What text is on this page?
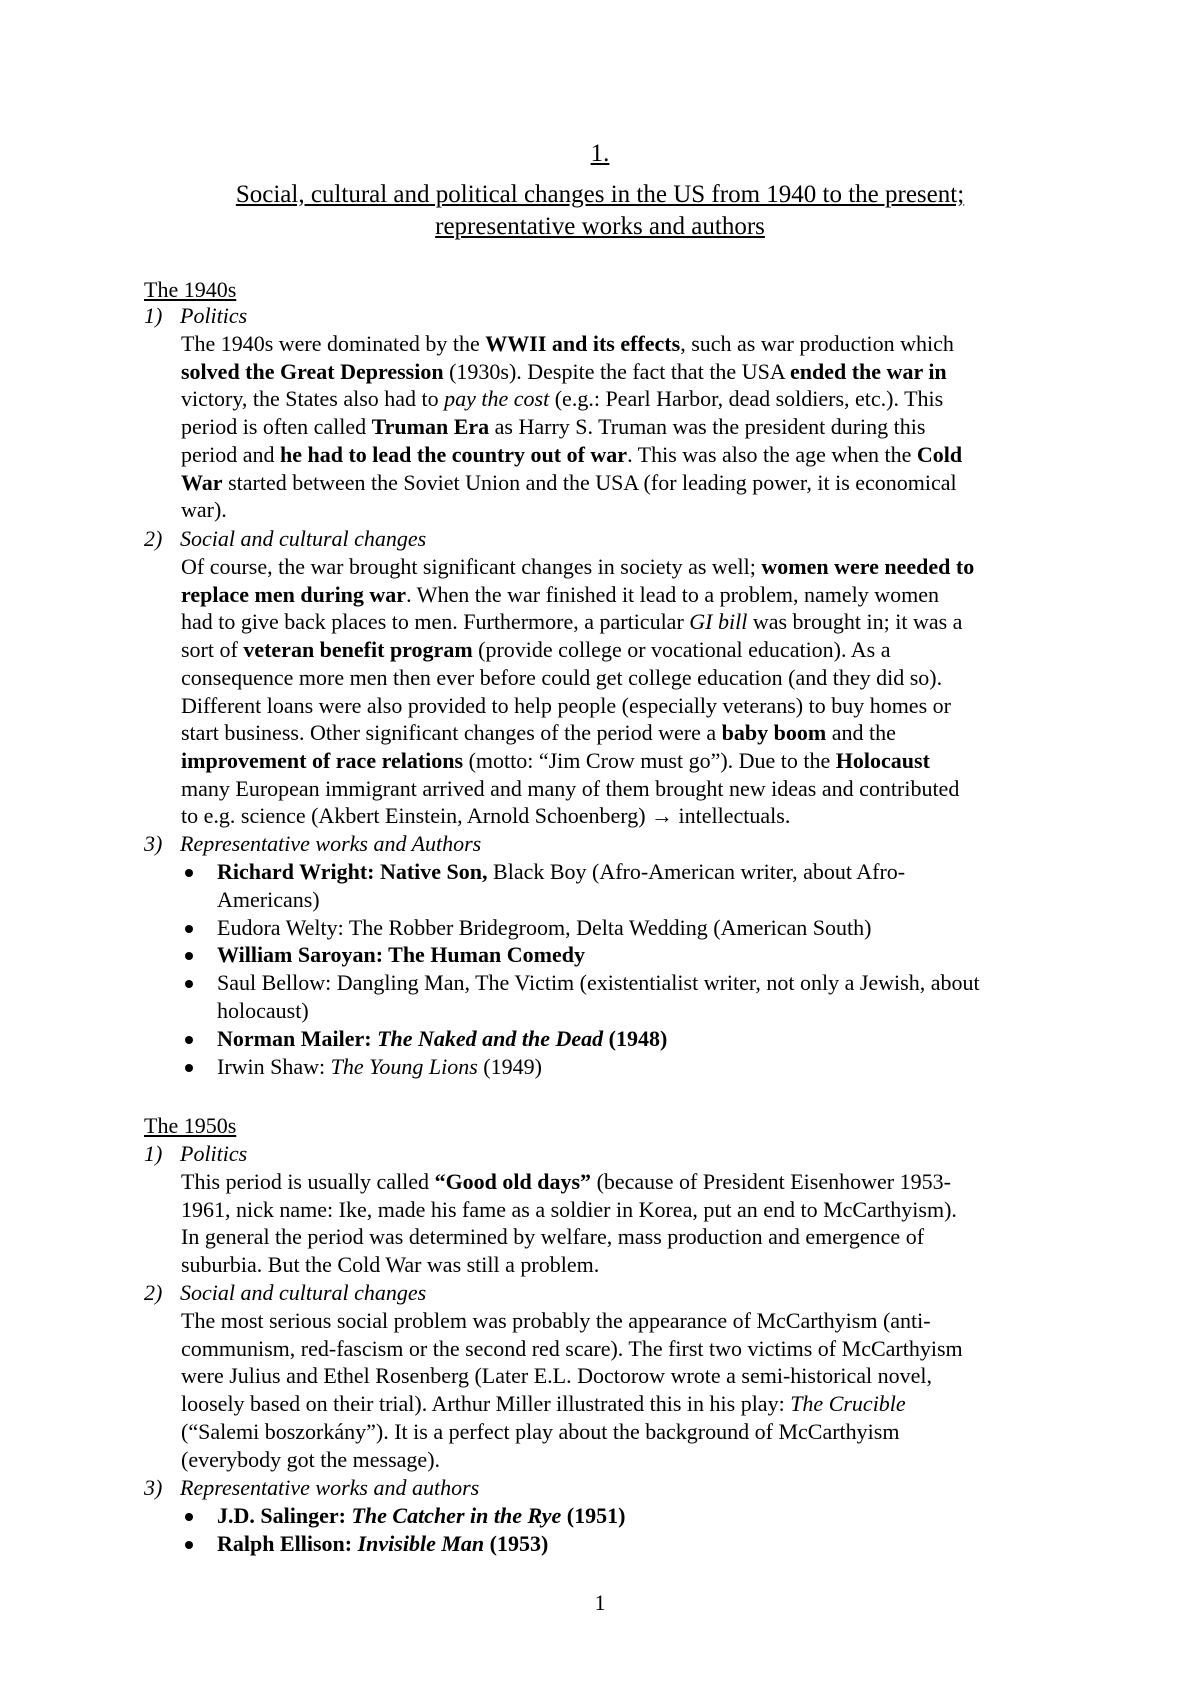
1.
Social, cultural and political changes in the US from 1940 to the present;
representative works and authors
The 1940s
1) Politics

The 1940s were dominated by the WWII and its effects, such as war production which

solved the Great Depression (1930s). Despite the fact that the USA ended the war in

victory, the States also had to pay the cost (e.g.: Pearl Harbor, dead soldiers, etc.). This

period is often called Truman Era as Harry S. Truman was the president during this

period and he had to lead the country out of war. This was also the age when the Cold

War started between the Soviet Union and the USA (for leading power, it is economical

war).

2) Social and cultural changes

Of course, the war brought significant changes in society as well; women were needed to

replace men during war. When the war finished it lead to a problem, namely women

had to give back places to men. Furthermore, a particular GI bill was brought in; it was a

sort of veteran benefit program (provide college or vocational education). As a

consequence more men then ever before could get college education (and they did so).

Different loans were also provided to help people (especially veterans) to buy homes or

start business. Other significant changes of the period were a baby boom and the

improvement of race relations (motto: “Jim Crow must go”). Due to the Holocaust

many European immigrant arrived and many of them brought new ideas and contributed

to e.g. science (Akbert Einstein, Arnold Schoenberg) → intellectuals.

3) Representative works and Authors
Richard Wright: Native Son, Black Boy (Afro-American writer, about Afro-
Americans)
Eudora Welty: The Robber Bridegroom, Delta Wedding (American South)
William Saroyan: The Human Comedy
Saul Bellow: Dangling Man, The Victim (existentialist writer, not only a Jewish, about
holocaust)
Norman Mailer: The Naked and the Dead (1948)
Irwin Shaw: The Young Lions (1949)
The 1950s
1) Politics

This period is usually called “Good old days” (because of President Eisenhower 1953-

1961, nick name: Ike, made his fame as a soldier in Korea, put an end to McCarthyism).

In general the period was determined by welfare, mass production and emergence of

suburbia. But the Cold War was still a problem.

2) Social and cultural changes

The most serious social problem was probably the appearance of McCarthyism (anti-

communism, red-fascism or the second red scare). The first two victims of McCarthyism

were Julius and Ethel Rosenberg (Later E.L. Doctorow wrote a semi-historical novel,

loosely based on their trial). Arthur Miller illustrated this in his play: The Crucible

(“Salemi boszorkány”). It is a perfect play about the background of McCarthyism

(everybody got the message).

3) Representative works and authors
J.D. Salinger: The Catcher in the Rye (1951)
Ralph Ellison: Invisible Man (1953)
1
